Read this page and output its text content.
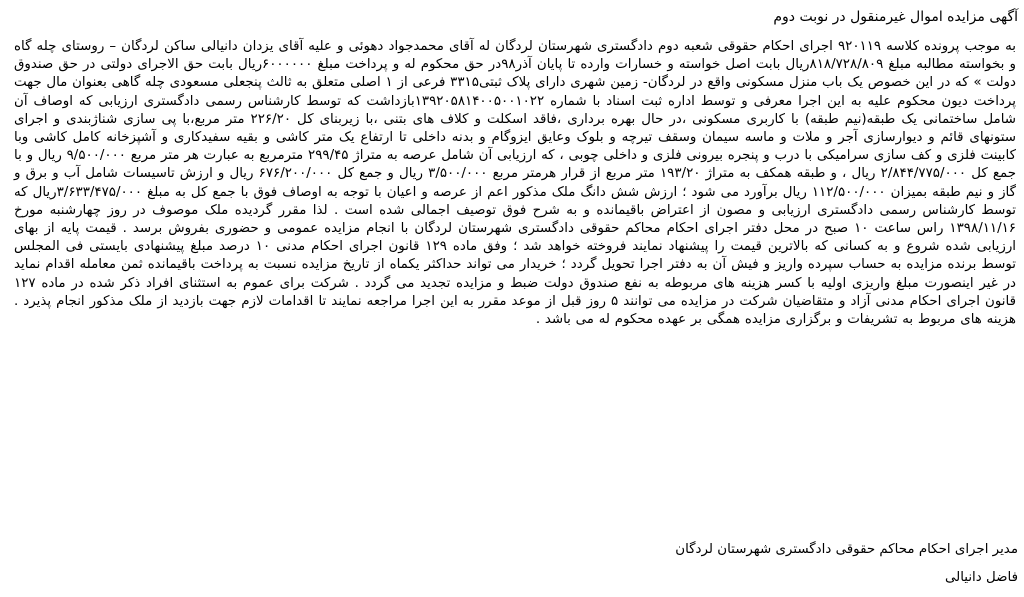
آگهی مزایده اموال غیرمنقول در نوبت دوم
به موجب پرونده کلاسه ۹۲۰۱۱۹ اجرای احکام حقوقی شعبه دوم دادگستری شهرستان لردگان له آقای محمدجواد دهوئی و علیه آقای یزدان دانیالی ساکن لردگان – روستای چله گاه و بخواسته مطالبه مبلغ ۸۱۸/۷۲۸/۸۰۹ریال بابت اصل خواسته و خسارات وارده تا پایان آذر۹۸در حق محکوم له و پرداخت مبلغ ۶۰۰۰۰۰۰ریال بابت حق الاجرای دولتی در حق صندوق دولت » که در این خصوص یک باب منزل مسکونی واقع در لردگان- زمین شهری دارای پلاک ثبتی۳۳۱۵ فرعی از ۱ اصلی متعلق به ثالث پنجعلی مسعودی چله گاهی بعنوان مال جهت پرداخت دیون محکوم علیه به این اجرا معرفی و توسط اداره ثبت اسناد با شماره ۱۳۹۲۰۵۸۱۴۰۰۵۰۰۱۰۲۲بازداشت که توسط کارشناس رسمی دادگستری ارزیابی که اوصاف آن شامل ساختمانی یک طبقه(نیم طبقه) با کاربری مسکونی ،در حال بهره برداری ،فاقد اسکلت و کلاف های بتنی ،با زیربنای کل ۲۲۶/۲۰ متر مربع،با پی سازی شناژبندی و اجرای ستونهای قائم و دیوارسازی آجر و ملات و ماسه سیمان وسقف تیرچه و بلوک وعایق ایزوگام و بدنه داخلی تا ارتفاع یک متر کاشی و بقیه سفیدکاری و آشپزخانه کامل کاشی وبا کابینت فلزی و کف سازی سرامیکی با درب و پنجره بیرونی فلزی و داخلی چوبی ، که ارزیابی آن شامل عرصه به متراژ ۲۹۹/۴۵ مترمربع به عبارت هر متر مربع ۹/۵۰۰/۰۰۰ ریال و با جمع کل ۲/۸۴۴/۷۷۵/۰۰۰ ریال ، و طبقه همکف به متراژ ۱۹۳/۲۰ متر مربع از قرار هرمتر مربع ۳/۵۰۰/۰۰۰ ریال و جمع کل ۶۷۶/۲۰۰/۰۰۰ ریال و ارزش تاسیسات شامل آب و برق و گاز و نیم طبقه بمیزان ۱۱۲/۵۰۰/۰۰۰ ریال برآورد می شود ؛ ارزش شش دانگ ملک مذکور اعم از عرصه و اعیان با توجه به اوصاف فوق با جمع کل به مبلغ ۳/۶۳۳/۴۷۵/۰۰۰ریال که توسط کارشناس رسمی دادگستری ارزیابی و مصون از اعتراض باقیمانده و به شرح فوق توصیف اجمالی شده است . لذا مقرر گردیده ملک موصوف در روز چهارشنبه مورخ ۱۳۹۸/۱۱/۱۶ راس ساعت ۱۰ صبح در محل دفتر اجرای احکام محاکم حقوقی دادگستری شهرستان لردگان با انجام مزایده عمومی و حضوری بفروش برسد . قیمت پایه از بهای ارزیابی شده شروع و به کسانی که بالاترین قیمت را پیشنهاد نمایند فروخته خواهد شد ؛ وفق ماده ۱۲۹ قانون اجرای احکام مدنی ۱۰ درصد مبلغ پیشنهادی بایستی فی المجلس توسط برنده مزایده به حساب سپرده واریز و فیش آن به دفتر اجرا تحویل گردد ؛ خریدار می تواند حداکثر یکماه از تاریخ مزایده نسبت به پرداخت باقیمانده ثمن معامله اقدام نماید در غیر اینصورت مبلغ واریزی اولیه با کسر هزینه های مربوطه به نفع صندوق دولت ضبط و مزایده تجدید می گردد . شرکت برای عموم به استثنای افراد ذکر شده در ماده ۱۲۷ قانون اجرای احکام مدنی آزاد و متقاضیان شرکت در مزایده می توانند ۵ روز قبل از موعد مقرر به این اجرا مراجعه نمایند تا اقدامات لازم جهت بازدید از ملک مذکور انجام پذیرد . هزینه های مربوط به تشریفات و برگزاری مزایده همگی بر عهده محکوم له می باشد .
مدیر اجرای احکام محاکم حقوقی دادگستری شهرستان لردگان
فاضل دانیالی
